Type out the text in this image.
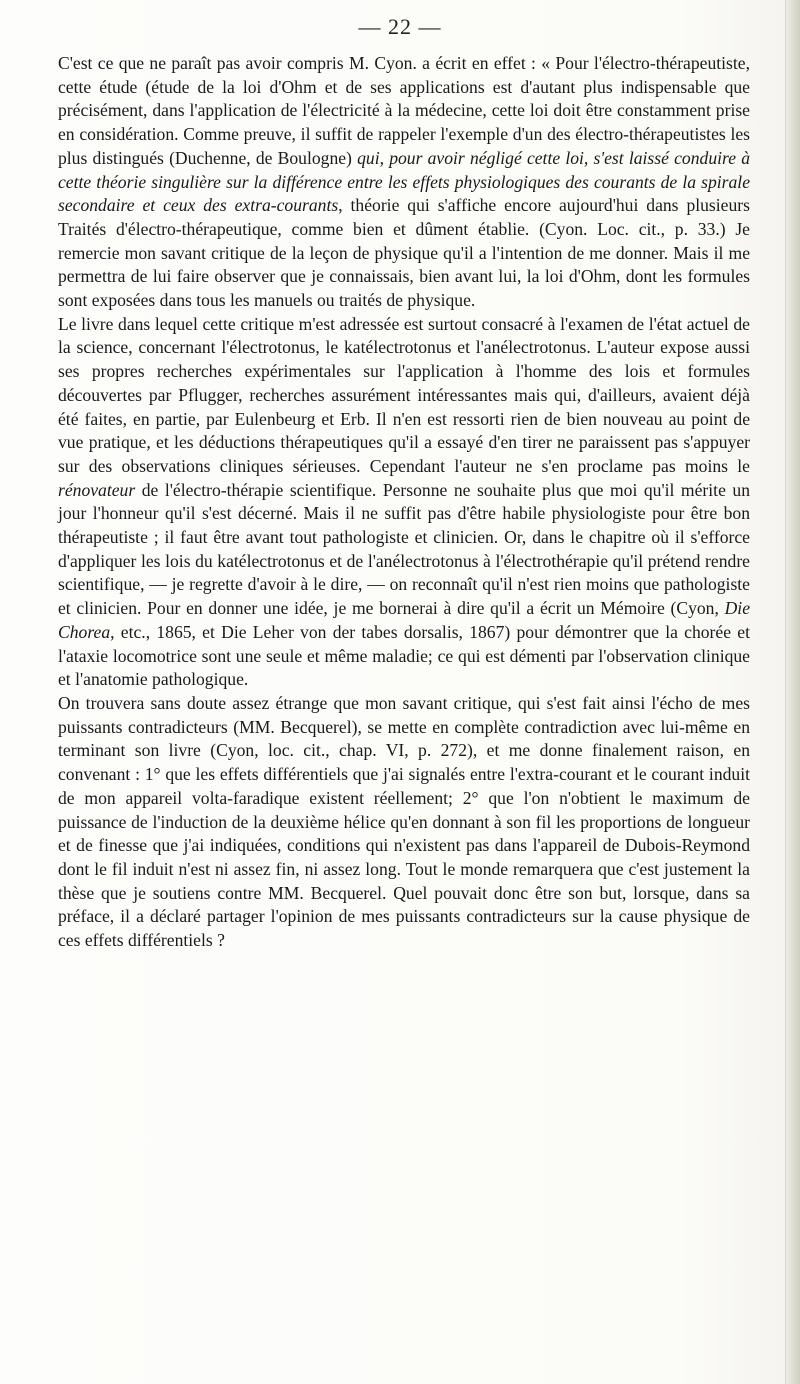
— 22 —

C'est ce que ne paraît pas avoir compris M. Cyon. a écrit en effet : « Pour l'électro-thérapeutiste, cette étude (étude de la loi d'Ohm et de ses applications est d'autant plus indispensable que précisément, dans l'application de l'électricité à la médecine, cette loi doit être constamment prise en considération. Comme preuve, il suffit de rappeler l'exemple d'un des électro-thérapeutistes les plus distingués (Duchenne, de Boulogne) qui, pour avoir négligé cette loi, s'est laissé conduire à cette théorie singulière sur la différence entre les effets physiologiques des courants de la spirale secondaire et ceux des extra-courants, théorie qui s'affiche encore aujourd'hui dans plusieurs Traités d'électro-thérapeutique, comme bien et dûment établie. (Cyon. Loc. cit., p. 33.) Je remercie mon savant critique de la leçon de physique qu'il a l'intention de me donner. Mais il me permettra de lui faire observer que je connaissais, bien avant lui, la loi d'Ohm, dont les formules sont exposées dans tous les manuels ou traités de physique.

Le livre dans lequel cette critique m'est adressée est surtout consacré à l'examen de l'état actuel de la science, concernant l'électrotonus, le katélectrotonus et l'anélectrotonus. L'auteur expose aussi ses propres recherches expérimentales sur l'application à l'homme des lois et formules découvertes par Pflugger, recherches assurément intéressantes mais qui, d'ailleurs, avaient déjà été faites, en partie, par Eulenbeurg et Erb. Il n'en est ressorti rien de bien nouveau au point de vue pratique, et les déductions thérapeutiques qu'il a essayé d'en tirer ne paraissent pas s'appuyer sur des observations cliniques sérieuses. Cependant l'auteur ne s'en proclame pas moins le rénovateur de l'électro-thérapie scientifique. Personne ne souhaite plus que moi qu'il mérite un jour l'honneur qu'il s'est décerné. Mais il ne suffit pas d'être habile physiologiste pour être bon thérapeutiste ; il faut être avant tout pathologiste et clinicien. Or, dans le chapitre où il s'efforce d'appliquer les lois du katélectrotonus et de l'anélectrotonus à l'électrothérapie qu'il prétend rendre scientifique, — je regrette d'avoir à le dire, — on reconnaît qu'il n'est rien moins que pathologiste et clinicien. Pour en donner une idée, je me bornerai à dire qu'il a écrit un Mémoire (Cyon, Die Chorea, etc., 1865, et Die Leher von der tabes dorsalis, 1867) pour démontrer que la chorée et l'ataxie locomotrice sont une seule et même maladie; ce qui est démenti par l'observation clinique et l'anatomie pathologique.

On trouvera sans doute assez étrange que mon savant critique, qui s'est fait ainsi l'écho de mes puissants contradicteurs (MM. Becquerel), se mette en complète contradiction avec lui-même en terminant son livre (Cyon, loc. cit., chap. VI, p. 272), et me donne finalement raison, en convenant : 1° que les effets différentiels que j'ai signalés entre l'extra-courant et le courant induit de mon appareil volta-faradique existent réellement; 2° que l'on n'obtient le maximum de puissance de l'induction de la deuxième hélice qu'en donnant à son fil les proportions de longueur et de finesse que j'ai indiquées, conditions qui n'existent pas dans l'appareil de Dubois-Reymond dont le fil induit n'est ni assez fin, ni assez long. Tout le monde remarquera que c'est justement la thèse que je soutiens contre MM. Becquerel. Quel pouvait donc être son but, lorsque, dans sa préface, il a déclaré partager l'opinion de mes puissants contradicteurs sur la cause physique de ces effets différentiels ?
